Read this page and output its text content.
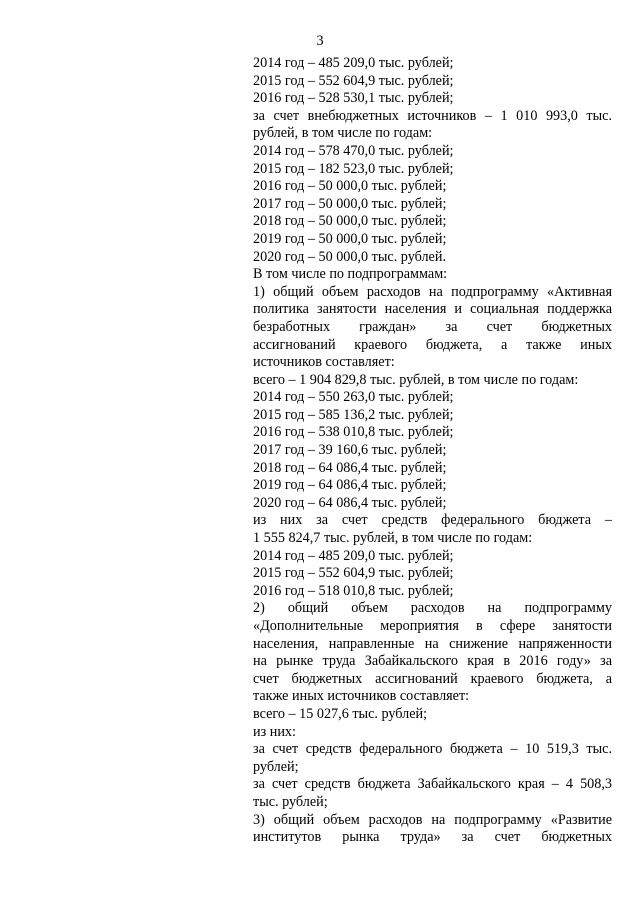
3
2014 год – 485 209,0 тыс. рублей;
2015 год – 552 604,9 тыс. рублей;
2016 год – 528 530,1 тыс. рублей;
за счет внебюджетных источников – 1 010 993,0 тыс.
рублей, в том числе по годам:
2014 год – 578 470,0 тыс. рублей;
2015 год – 182 523,0 тыс. рублей;
2016 год – 50 000,0 тыс. рублей;
2017 год – 50 000,0 тыс. рублей;
2018 год – 50 000,0 тыс. рублей;
2019 год – 50 000,0 тыс. рублей;
2020 год – 50 000,0 тыс. рублей.
В том числе по подпрограммам:
1) общий объем расходов на подпрограмму «Активная
политика занятости населения и социальная поддержка
безработных граждан» за счет бюджетных
ассигнований краевого бюджета, а также иных
источников составляет:
всего – 1 904 829,8 тыс. рублей, в том числе по годам:
2014 год – 550 263,0 тыс. рублей;
2015 год – 585 136,2 тыс. рублей;
2016 год – 538 010,8 тыс. рублей;
2017 год – 39 160,6 тыс. рублей;
2018 год – 64 086,4 тыс. рублей;
2019 год – 64 086,4 тыс. рублей;
2020 год – 64 086,4 тыс. рублей;
из них за счет средств федерального бюджета –
1 555 824,7 тыс. рублей, в том числе по годам:
2014 год – 485 209,0 тыс. рублей;
2015 год – 552 604,9 тыс. рублей;
2016 год – 518 010,8 тыс. рублей;
2) общий объем расходов на подпрограмму
«Дополнительные мероприятия в сфере занятости
населения, направленные на снижение напряженности
на рынке труда Забайкальского края в 2016 году» за
счет бюджетных ассигнований краевого бюджета, а
также иных источников составляет:
всего – 15 027,6 тыс. рублей;
из них:
за счет средств федерального бюджета – 10 519,3 тыс.
рублей;
за счет средств бюджета Забайкальского края – 4 508,3
тыс. рублей;
3) общий объем расходов на подпрограмму «Развитие
институтов рынка труда» за счет бюджетных
